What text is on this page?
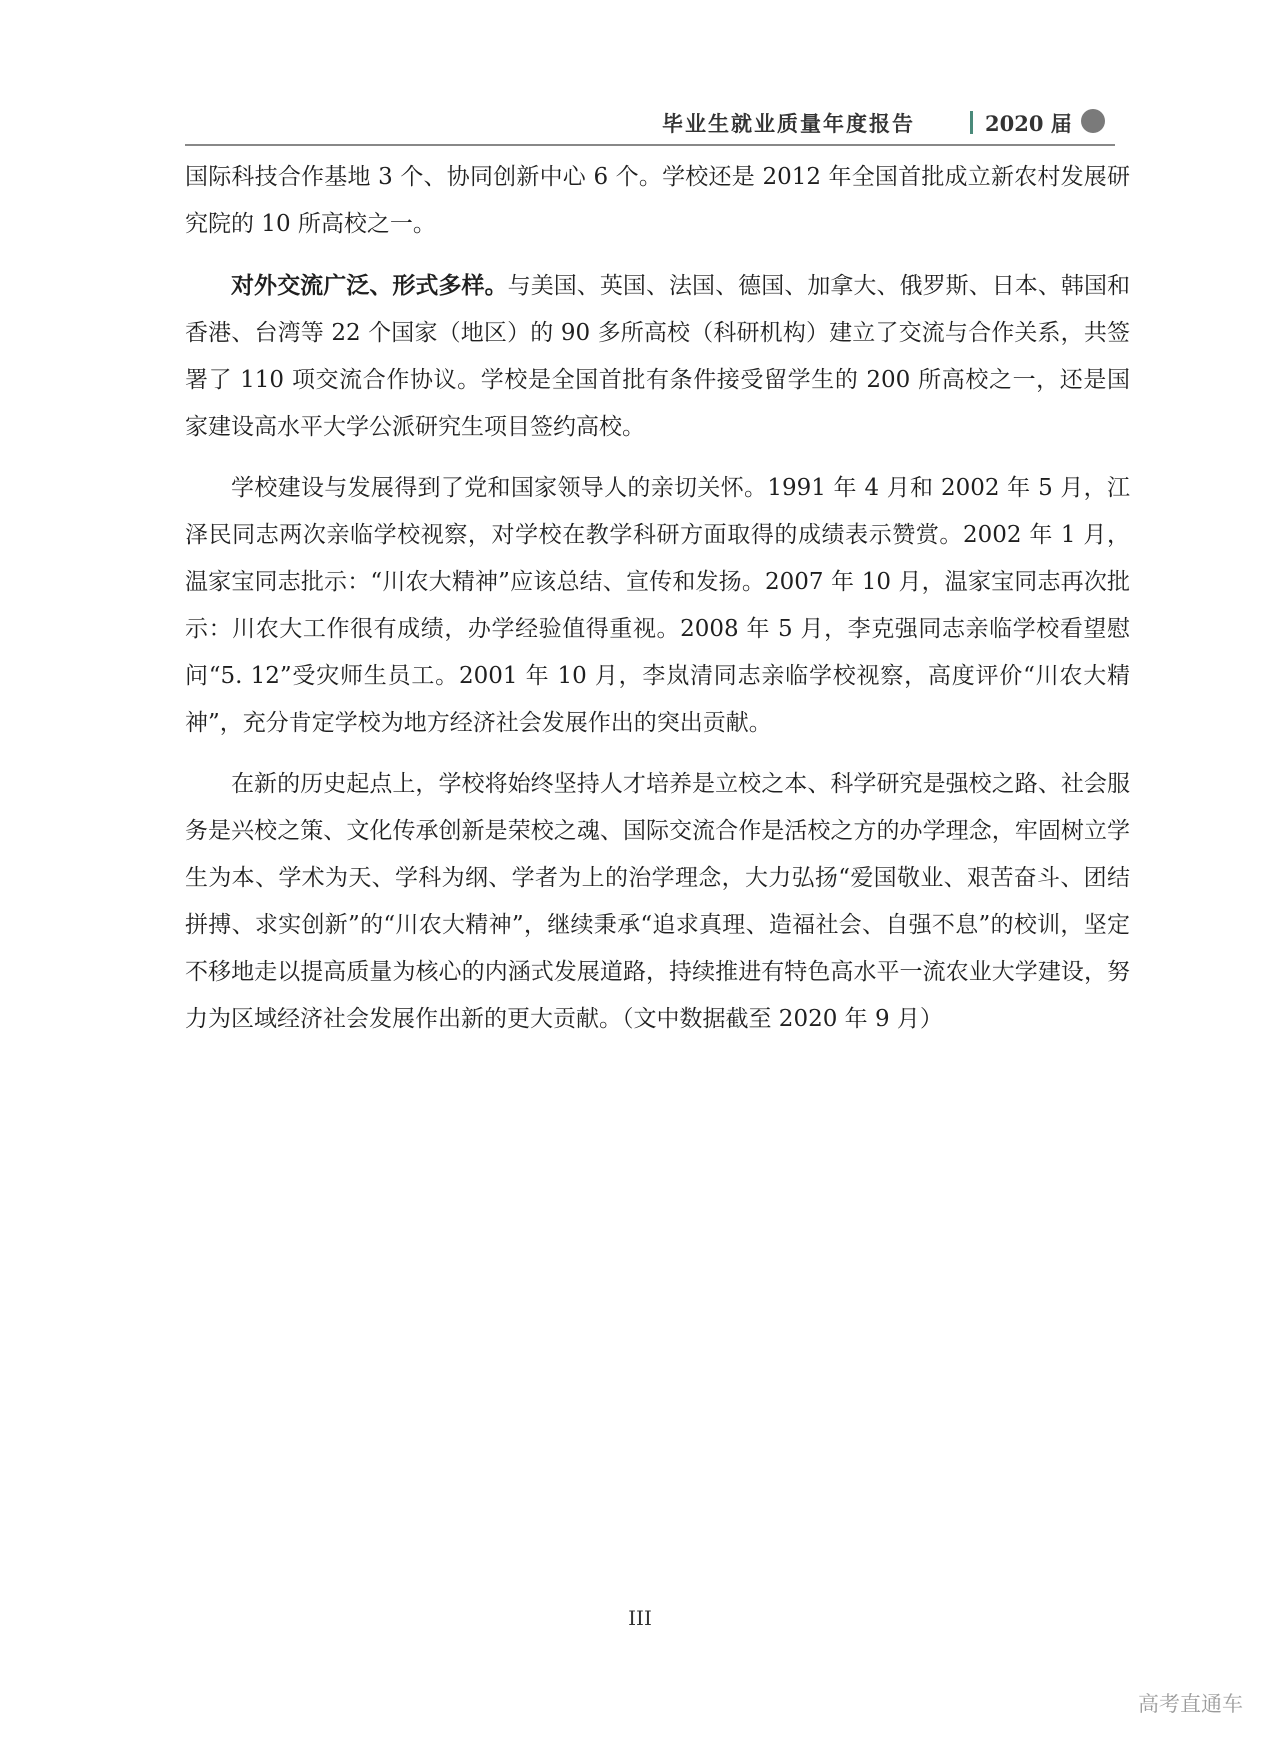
毕业生就业质量年度报告	2020 届

国际科技合作基地 3 个、协同创新中心 6 个。学校还是 2012 年全国首批成立新农村发展研究院的 10 所高校之一。

对外交流广泛、形式多样。与美国、英国、法国、德国、加拿大、俄罗斯、日本、韩国和香港、台湾等 22 个国家（地区）的 90 多所高校（科研机构）建立了交流与合作关系，共签署了 110 项交流合作协议。学校是全国首批有条件接受留学生的 200 所高校之一，还是国家建设高水平大学公派研究生项目签约高校。

学校建设与发展得到了党和国家领导人的亲切关怀。1991 年 4 月和 2002 年 5 月，江泽民同志两次亲临学校视察，对学校在教学科研方面取得的成绩表示赞赏。2002 年 1 月，温家宝同志批示：“川农大精神”应该总结、宣传和发扬。2007 年 10 月，温家宝同志再次批示：川农大工作很有成绩，办学经验值得重视。2008 年 5 月，李克强同志亲临学校看望慰问“5. 12”受灾师生员工。2001 年 10 月，李岚清同志亲临学校视察，高度评价“川农大精神”，充分肯定学校为地方经济社会发展作出的突出贡献。

在新的历史起点上，学校将始终坚持人才培养是立校之本、科学研究是强校之路、社会服务是兴校之策、文化传承创新是荣校之魂、国际交流合作是活校之方的办学理念，牢固树立学生为本、学术为天、学科为纲、学者为上的治学理念，大力弘扬“爱国敬业、艰苦奋斗、团结拼搏、求实创新”的“川农大精神”，继续秉承“追求真理、造福社会、自强不息”的校训，坚定不移地走以提高质量为核心的内涵式发展道路，持续推进有特色高水平一流农业大学建设，努力为区域经济社会发展作出新的更大贡献。（文中数据截至 2020 年 9 月）

III
高考直通车
